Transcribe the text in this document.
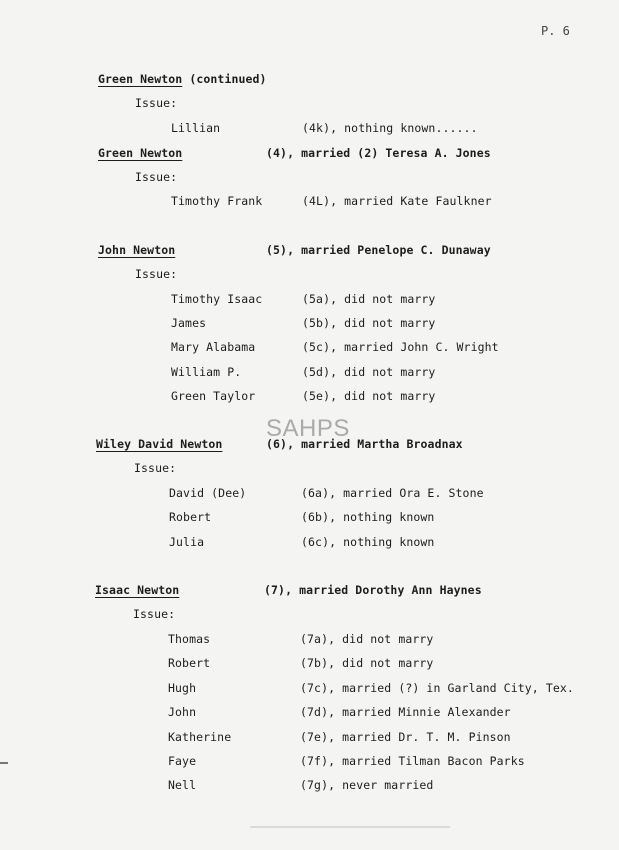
P. 6
Green Newton (continued)
Issue:
Lillian	(4k), nothing known......
Green Newton	(4), married (2) Teresa A. Jones
Issue:
Timothy Frank	(4L), married Kate Faulkner
John Newton	(5), married Penelope C. Dunaway
Issue:
Timothy Isaac	(5a), did not marry
James	(5b), did not marry
Mary Alabama	(5c), married John C. Wright
William P.	(5d), did not marry
Green Taylor	(5e), did not marry
Wiley David Newton	(6), married Martha Broadnax
Issue:
David (Dee)	(6a), married Ora E. Stone
Robert	(6b), nothing known
Julia	(6c), nothing known
Isaac Newton	(7), married Dorothy Ann Haynes
Issue:
Thomas	(7a), did not marry
Robert	(7b), did not marry
Hugh	(7c), married (?) in Garland City, Tex.
John	(7d), married Minnie Alexander
Katherine	(7e), married Dr. T. M. Pinson
Faye	(7f), married Tilman Bacon Parks
Nell	(7g), never married
SAHPS
